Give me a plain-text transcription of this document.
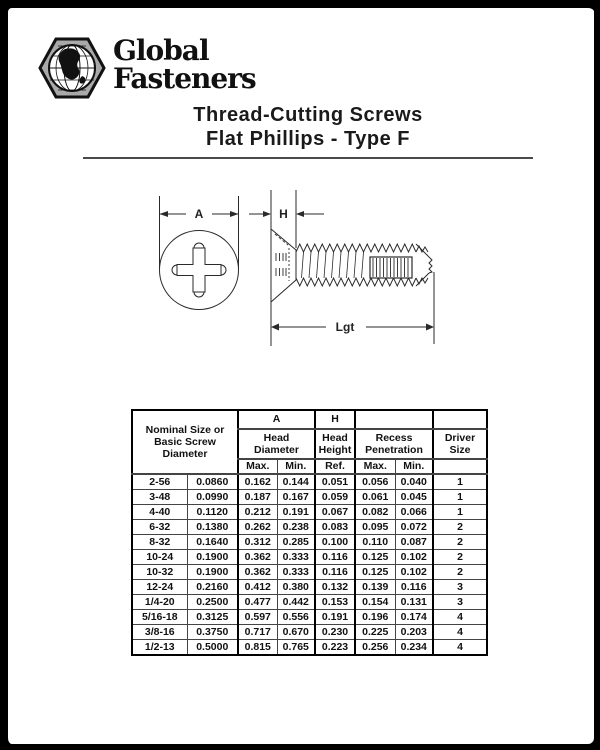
Global
Fasteners
Thread-Cutting Screws
Flat Phillips - Type F
A	H
Lgt
Nominal Size or Basic Screw Diameter		A		H			
		Head Diameter		Head Height	Recess Penetration		Driver Size
		Max.	Min.	Ref.	Max.	Min.	
2-56	0.0860	0.162	0.144	0.051	0.056	0.040	1
3-48	0.0990	0.187	0.167	0.059	0.061	0.045	1
4-40	0.1120	0.212	0.191	0.067	0.082	0.066	1
6-32	0.1380	0.262	0.238	0.083	0.095	0.072	2
8-32	0.1640	0.312	0.285	0.100	0.110	0.087	2
10-24	0.1900	0.362	0.333	0.116	0.125	0.102	2
10-32	0.1900	0.362	0.333	0.116	0.125	0.102	2
12-24	0.2160	0.412	0.380	0.132	0.139	0.116	3
1/4-20	0.2500	0.477	0.442	0.153	0.154	0.131	3
5/16-18	0.3125	0.597	0.556	0.191	0.196	0.174	4
3/8-16	0.3750	0.717	0.670	0.230	0.225	0.203	4
1/2-13	0.5000	0.815	0.765	0.223	0.256	0.234	4
